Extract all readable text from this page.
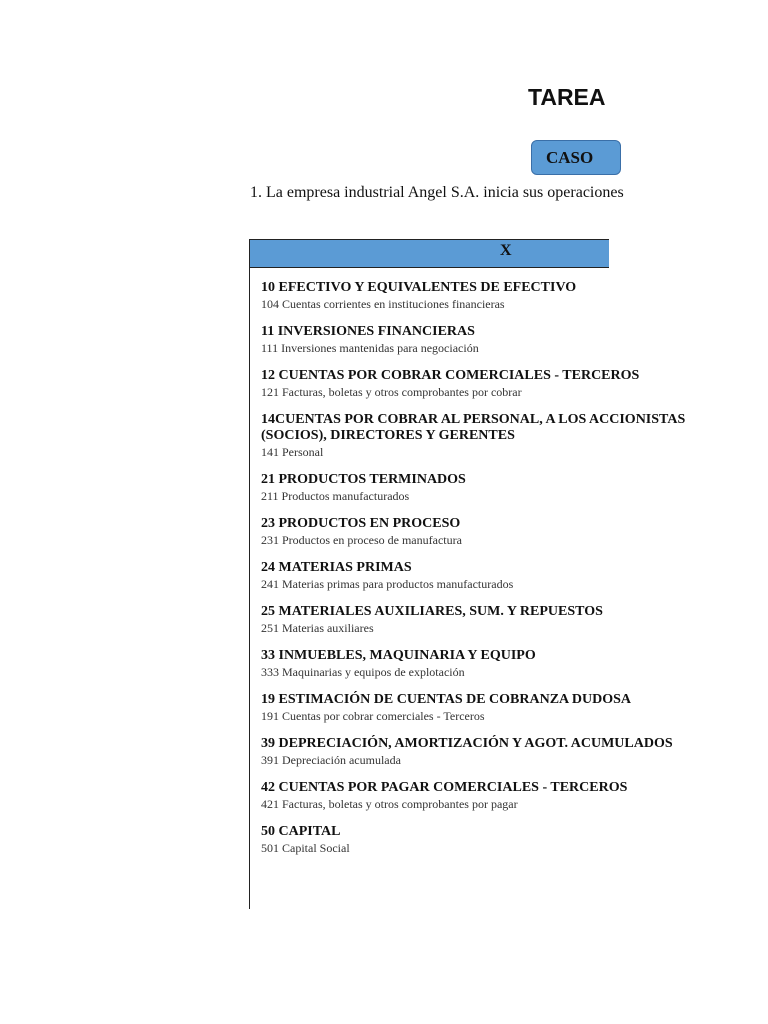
TAREA
CASO
1. La empresa industrial Angel S.A. inicia sus operaciones
X
10 EFECTIVO Y EQUIVALENTES DE EFECTIVO
104 Cuentas corrientes en instituciones financieras
11 INVERSIONES FINANCIERAS
111 Inversiones mantenidas para negociación
12 CUENTAS POR COBRAR COMERCIALES - TERCEROS
121 Facturas, boletas y otros comprobantes por cobrar
14CUENTAS POR COBRAR AL PERSONAL, A LOS ACCIONISTAS
(SOCIOS), DIRECTORES Y GERENTES
141 Personal
21 PRODUCTOS TERMINADOS
211 Productos manufacturados
23 PRODUCTOS EN PROCESO
231 Productos en proceso de manufactura
24 MATERIAS PRIMAS
241 Materias primas para productos manufacturados
25 MATERIALES AUXILIARES, SUM. Y REPUESTOS
251 Materias auxiliares
33 INMUEBLES, MAQUINARIA Y EQUIPO
333 Maquinarias y equipos de explotación
19 ESTIMACIÓN DE CUENTAS DE COBRANZA DUDOSA
191 Cuentas por cobrar comerciales - Terceros
39 DEPRECIACIÓN, AMORTIZACIÓN Y AGOT. ACUMULADOS
391 Depreciación acumulada
42 CUENTAS POR PAGAR COMERCIALES - TERCEROS
421 Facturas, boletas y otros comprobantes por pagar
50 CAPITAL
501 Capital Social
